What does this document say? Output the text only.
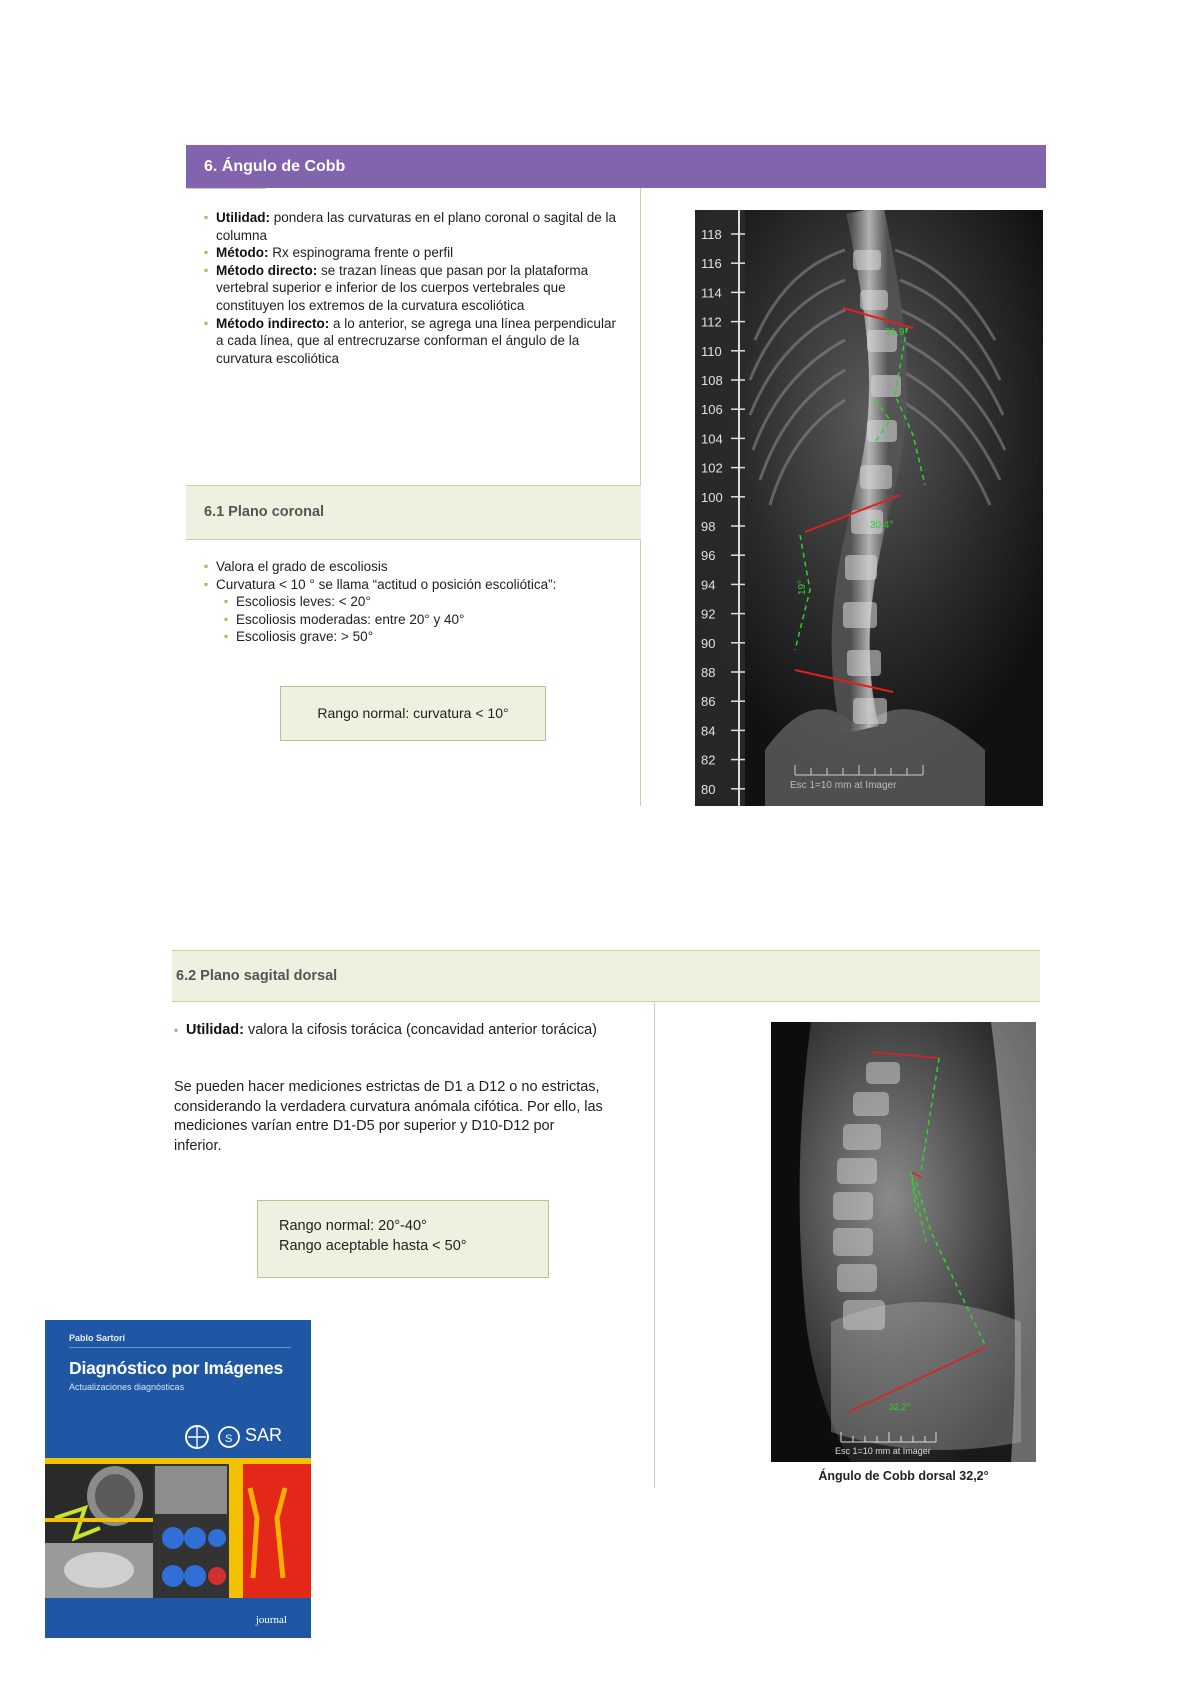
6. Ángulo de Cobb
▪ Utilidad: pondera las curvaturas en el plano coronal o sagital de la columna
▪ Método: Rx espinograma frente o perfil
▪ Método directo: se trazan líneas que pasan por la plataforma vertebral superior e inferior de los cuerpos vertebrales que constituyen los extremos de la curvatura escoliótica
▪ Método indirecto: a lo anterior, se agrega una línea perpendicular a cada línea, que al entrecruzarse conforman el ángulo de la curvatura escoliótica
6.1 Plano coronal
▪ Valora el grado de escoliosis
▪ Curvatura < 10 ° se llama “actitud o posición escoliótica”:
▪ Escoliosis leves: < 20°
▪ Escoliosis moderadas: entre 20° y 40°
▪ Escoliosis grave: > 50°
Rango normal: curvatura < 10°
118
116
114
112
110
108
106
104
102
100
98
96
94
92
90
88
86
84
82
80
31,9°
30,4°
19°
Esc 1=10 mm at Imager
6.2 Plano sagital dorsal
▪ Utilidad: valora la cifosis torácica (concavidad anterior torácica)
Se pueden hacer mediciones estrictas de D1 a D12 o no estrictas, considerando la verdadera curvatura anómala cifótica. Por ello, las mediciones varían entre D1-D5 por superior y D10-D12 por inferior.
Rango normal: 20°-40°
Rango aceptable hasta < 50°
32,2°
Esc 1=10 mm at Imager
Ángulo de Cobb dorsal 32,2°
Pablo Sartori
Diagnóstico por Imágenes
Actualizaciones diagnósticas
S SAR
journal
